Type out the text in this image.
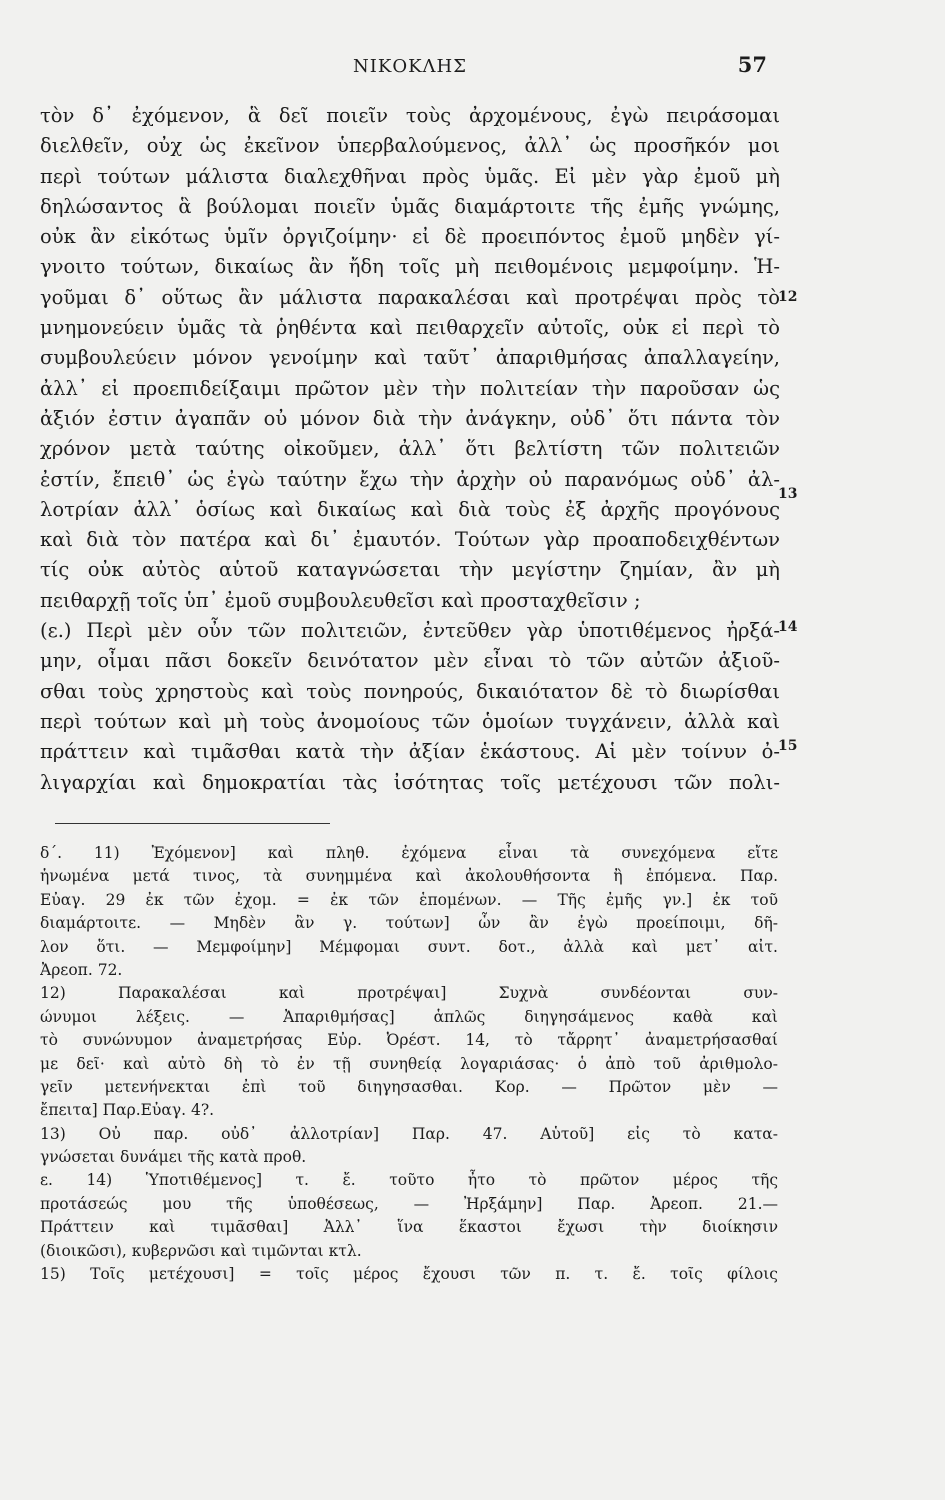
ΝΙΚΟΚΛΗΣ	57
τὸν δ᾽ ἐχόμενον, ἃ δεῖ ποιεῖν τοὺς ἀρχομένους, ἐγὼ πειράσομαι
διελθεῖν, οὐχ ὡς ἐκεῖνον ὑπερβαλούμενος, ἀλλ᾽ ὡς προσῆκόν μοι
περὶ τούτων μάλιστα διαλεχθῆναι πρὸς ὑμᾶς. Εἰ μὲν γὰρ ἐμοῦ μὴ
δηλώσαντος ἃ βούλομαι ποιεῖν ὑμᾶς διαμάρτοιτε τῆς ἐμῆς γνώμης,
οὐκ ἂν εἰκότως ὑμῖν ὀργιζοίμην· εἰ δὲ προειπόντος ἐμοῦ μηδὲν γί-
γνοιτο τούτων, δικαίως ἂν ἤδη τοῖς μὴ πειθομένοις μεμφοίμην. Ἡ-
γοῦμαι δ᾽ οὕτως ἂν μάλιστα παρακαλέσαι καὶ προτρέψαι πρὸς τὸ
μνημονεύειν ὑμᾶς τὰ ῥηθέντα καὶ πειθαρχεῖν αὐτοῖς, οὐκ εἰ περὶ τὸ
συμβουλεύειν μόνον γενοίμην καὶ ταῦτ᾽ ἀπαριθμήσας ἀπαλλαγείην,
ἀλλ᾽ εἰ προεπιδείξαιμι πρῶτον μὲν τὴν πολιτείαν τὴν παροῦσαν ὡς
ἀξιόν ἐστιν ἀγαπᾶν οὐ μόνον διὰ τὴν ἀνάγκην, οὐδ᾽ ὅτι πάντα τὸν
χρόνον μετὰ ταύτης οἰκοῦμεν, ἀλλ᾽ ὅτι βελτίστη τῶν πολιτειῶν
ἐστίν, ἔπειθ᾽ ὡς ἐγὼ ταύτην ἔχω τὴν ἀρχὴν οὐ παρανόμως οὐδ᾽ ἀλ-
λοτρίαν ἀλλ᾽ ὁσίως καὶ δικαίως καὶ διὰ τοὺς ἐξ ἀρχῆς προγόνους
καὶ διὰ τὸν πατέρα καὶ δι᾽ ἐμαυτόν. Τούτων γὰρ προαποδειχθέντων
τίς οὐκ αὐτὸς αὑτοῦ καταγνώσεται τὴν μεγίστην ζημίαν, ἂν μὴ
πειθαρχῇ τοῖς ὑπ᾽ ἐμοῦ συμβουλευθεῖσι καὶ προσταχθεῖσιν ;
(ε.) Περὶ μὲν οὖν τῶν πολιτειῶν, ἐντεῦθεν γὰρ ὑποτιθέμενος ἠρξά-
μην, οἶμαι πᾶσι δοκεῖν δεινότατον μὲν εἶναι τὸ τῶν αὐτῶν ἀξιοῦ-
σθαι τοὺς χρηστοὺς καὶ τοὺς πονηρούς, δικαιότατον δὲ τὸ διωρίσθαι
περὶ τούτων καὶ μὴ τοὺς ἀνομοίους τῶν ὁμοίων τυγχάνειν, ἀλλὰ καὶ
πράττειν καὶ τιμᾶσθαι κατὰ τὴν ἀξίαν ἑκάστους. Αἱ μὲν τοίνυν ὀ-
λιγαρχίαι καὶ δημοκρατίαι τὰς ἰσότητας τοῖς μετέχουσι τῶν πολι-
12
13
14
15
δ΄. 11) Ἐχόμενον] καὶ πληθ. ἐχόμενα εἶναι τὰ συνεχόμενα εἴτε
ἡνωμένα μετά τινος, τὰ συνημμένα καὶ ἀκολουθήσοντα ἢ ἑπόμενα. Παρ.
Εὐαγ. 29 ἐκ τῶν ἐχομ. = ἐκ τῶν ἑπομένων. — Τῆς ἐμῆς γν.] ἐκ τοῦ
διαμάρτοιτε. — Μηδὲν ἂν γ. τούτων] ὧν ἂν ἐγὼ προείποιμι, δῆ-
λον ὅτι. — Μεμφοίμην] Μέμφομαι συντ. δοτ., ἀλλὰ καὶ μετ᾽ αἰτ.
Ἀρεοπ. 72.
12) Παρακαλέσαι καὶ προτρέψαι] Συχνὰ συνδέονται συν-
ώνυμοι λέξεις. — Ἀπαριθμήσας] ἁπλῶς διηγησάμενος καθὰ καὶ
τὸ συνώνυμον ἀναμετρήσας Εὐρ. Ὀρέστ. 14, τὸ τἄρρητ᾽ ἀναμετρήσασθαί
με δεῖ· καὶ αὐτὸ δὴ τὸ ἐν τῇ συνηθείᾳ λογαριάσας· ὁ ἀπὸ τοῦ ἀριθμολο-
γεῖν μετενήνεκται ἐπὶ τοῦ διηγησασθαι. Κορ. — Πρῶτον μὲν —
ἔπειτα] Παρ.Εὐαγ. 4?.
13) Οὐ παρ. οὐδ᾽ ἀλλοτρίαν] Παρ. 47. Αὑτοῦ] εἰς τὸ κατα-
γνώσεται δυνάμει τῆς κατὰ προθ.
ε. 14) Ὑποτιθέμενος] τ. ἔ. τοῦτο ἦτο τὸ πρῶτον μέρος τῆς
προτάσεώς μου τῆς ὑποθέσεως, — Ἠρξάμην] Παρ. Ἀρεοπ. 21.—
Πράττειν καὶ τιμᾶσθαι] Ἀλλ᾽ ἵνα ἕκαστοι ἔχωσι τὴν διοίκησιν
(διοικῶσι), κυβερνῶσι καὶ τιμῶνται κτλ.
15) Τοῖς μετέχουσι] = τοῖς μέρος ἔχουσι τῶν π. τ. ἔ. τοῖς φίλοις
